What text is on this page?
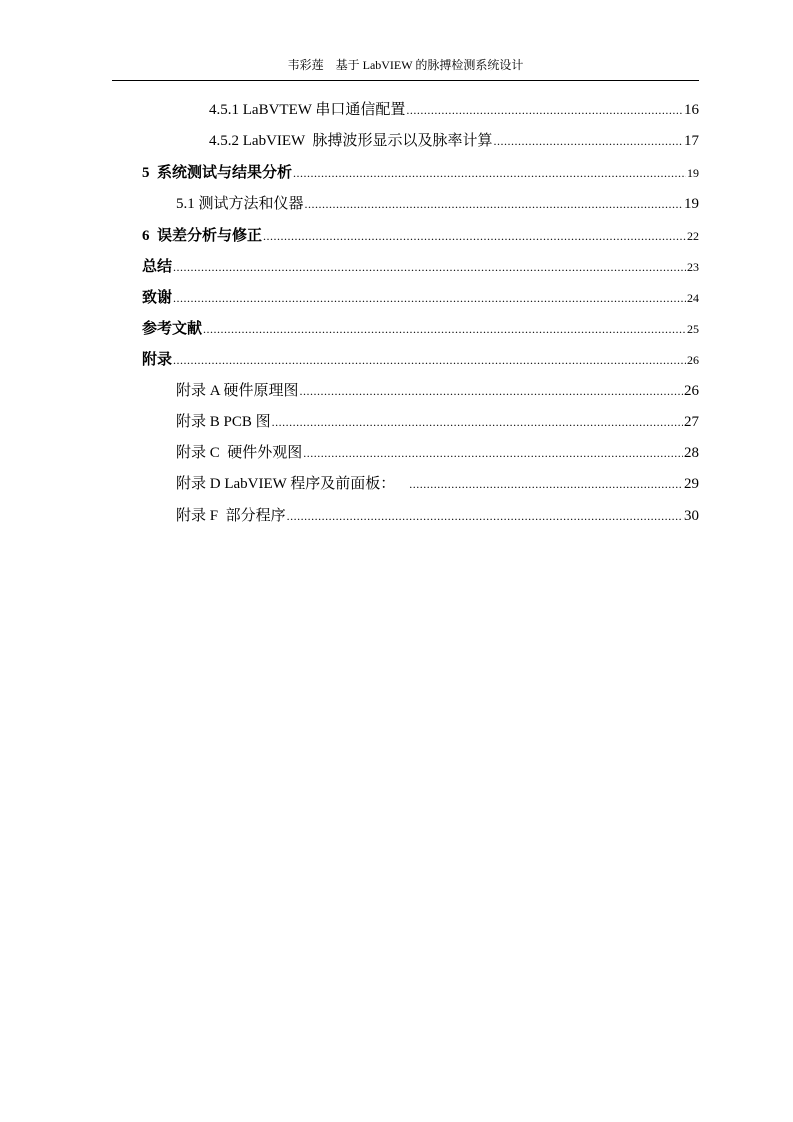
韦彩莲    基于 LabVIEW 的脉搏检测系统设计
4.5.1 LaBVTEW 串口通信配置 .....	16
4.5.2 LabVIEW  脉搏波形显示以及脉率计算 .....	17
5  系统测试与结果分析 .....	19
5.1 测试方法和仪器 .....	19
6  误差分析与修正 .....	22
总结 .....	23
致谢 .....	24
参考文献 .....	25
附录 .....	26
附录 A 硬件原理图 .....	26
附录 B PCB 图 .....	27
附录 C  硬件外观图 .....	28
附录 D LabVIEW 程序及前面板： .....	29
附录 F  部分程序 .....	30
